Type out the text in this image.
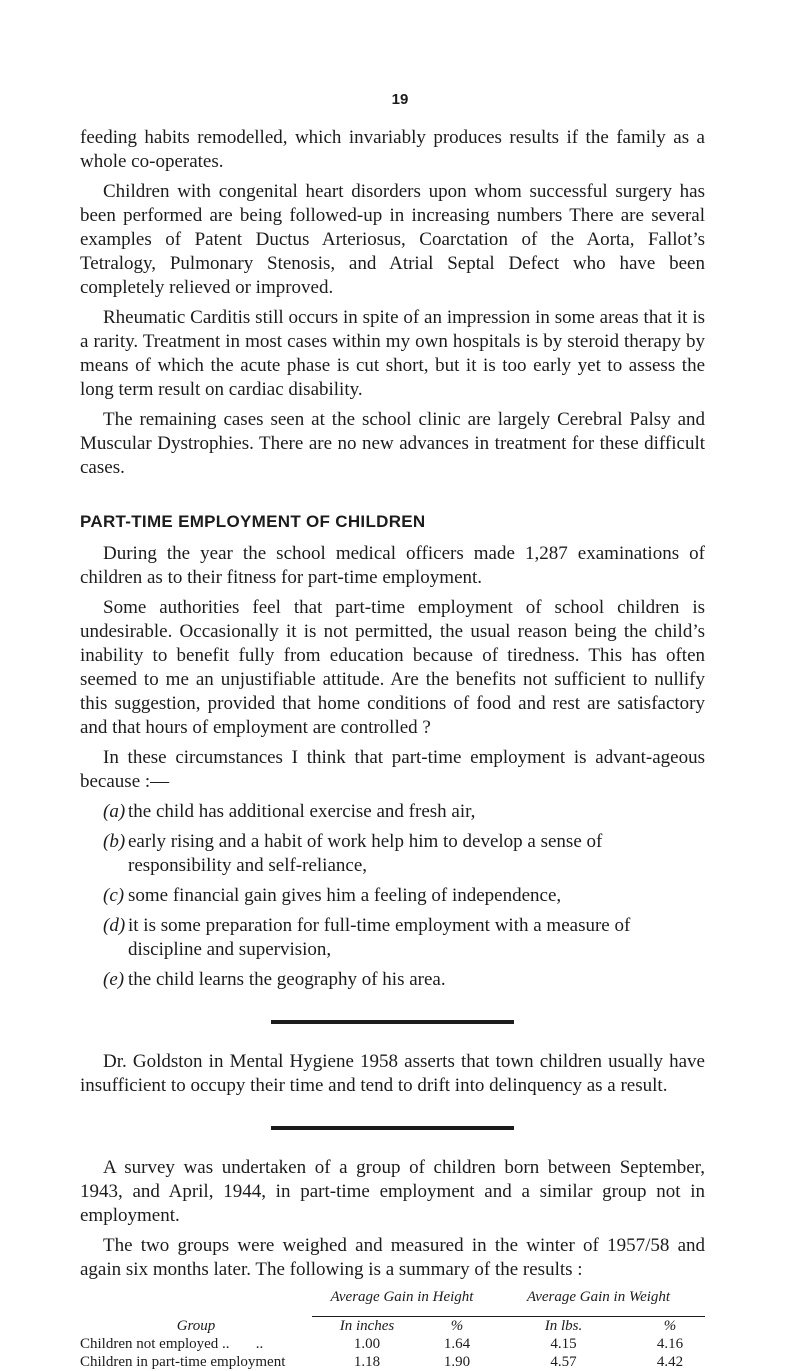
19

feeding habits remodelled, which invariably produces results if the family as a whole co-operates.

Children with congenital heart disorders upon whom successful surgery has been performed are being followed-up in increasing numbers There are several examples of Patent Ductus Arteriosus, Coarctation of the Aorta, Fallot’s Tetralogy, Pulmonary Stenosis, and Atrial Septal Defect who have been completely relieved or improved.

Rheumatic Carditis still occurs in spite of an impression in some areas that it is a rarity. Treatment in most cases within my own hospitals is by steroid therapy by means of which the acute phase is cut short, but it is too early yet to assess the long term result on cardiac disability.

The remaining cases seen at the school clinic are largely Cerebral Palsy and Muscular Dystrophies. There are no new advances in treatment for these difficult cases.

PART-TIME EMPLOYMENT OF CHILDREN

During the year the school medical officers made 1,287 examinations of children as to their fitness for part-time employment.

Some authorities feel that part-time employment of school children is undesirable. Occasionally it is not permitted, the usual reason being the child’s inability to benefit fully from education because of tiredness. This has often seemed to me an unjustifiable attitude. Are the benefits not sufficient to nullify this suggestion, provided that home conditions of food and rest are satisfactory and that hours of employment are controlled ?

In these circumstances I think that part-time employment is advant-ageous because :—

(a) the child has additional exercise and fresh air,
(b) early rising and a habit of work help him to develop a sense of responsibility and self-reliance,
(c) some financial gain gives him a feeling of independence,
(d) it is some preparation for full-time employment with a measure of discipline and supervision,
(e) the child learns the geography of his area.

Dr. Goldston in Mental Hygiene 1958 asserts that town children usually have insufficient to occupy their time and tend to drift into delinquency as a result.

A survey was undertaken of a group of children born between September, 1943, and April, 1944, in part-time employment and a similar group not in employment.

The two groups were weighed and measured in the winter of 1957/58 and again six months later. The following is a summary of the results :

	Average Gain in Height		Average Gain in Weight	
Group	In inches	%	In lbs.	%
Children not employed ..       ..	1.00	1.64	4.15	4.16
Children in part-time employment	1.18	1.90	4.57	4.42
